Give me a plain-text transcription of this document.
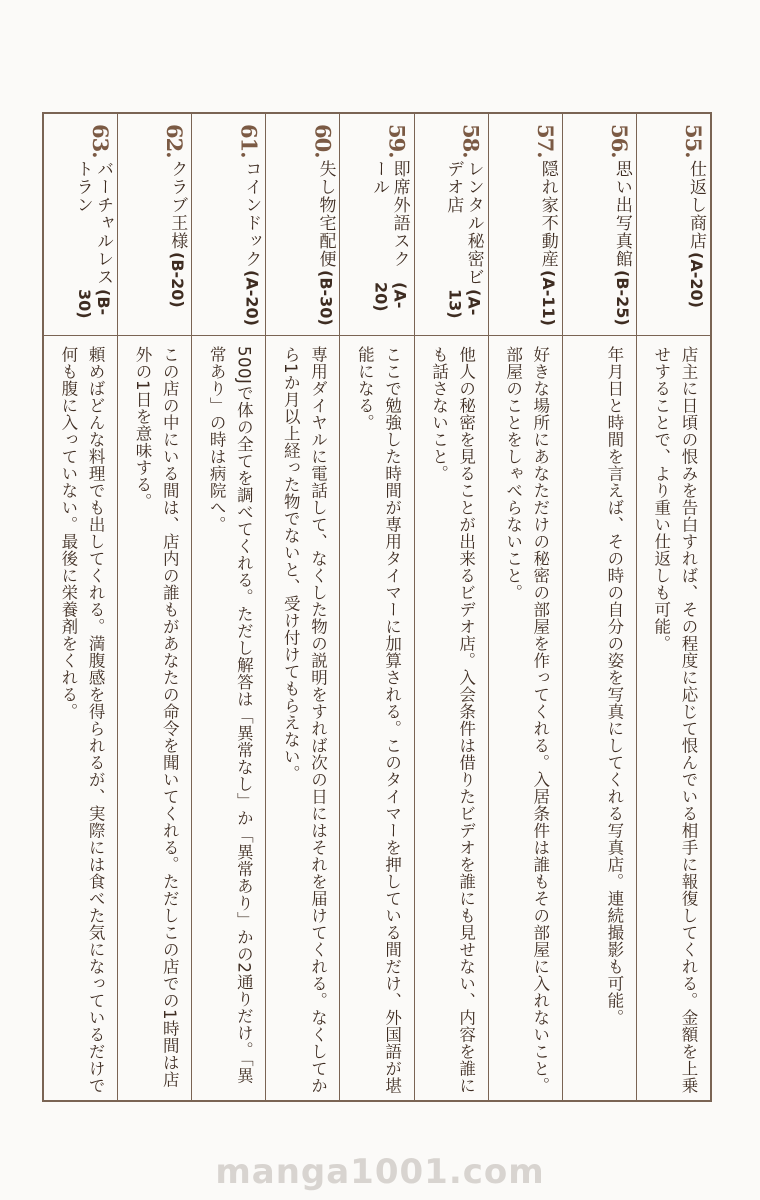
55.
仕返し商店
(A-20)
店主に日頃の恨みを告白すれば、その程度に応じて恨んでいる相手に報復してくれる。金額を上乗せすることで、より重い仕返しも可能。
56.
思い出写真館
(B-25)
年月日と時間を言えば、その時の自分の姿を写真にしてくれる写真店。連続撮影も可能。
57.
隠れ家不動産
(A-11)
好きな場所にあなただけの秘密の部屋を作ってくれる。入居条件は誰もその部屋に入れないこと。部屋のことをしゃべらないこと。
58.
レンタル秘密ビデオ店
(A-13)
他人の秘密を見ることが出来るビデオ店。入会条件は借りたビデオを誰にも見せない、内容を誰にも話さないこと。
59.
即席外語スクール
(A-20)
ここで勉強した時間が専用タイマーに加算される。このタイマーを押している間だけ、外国語が堪能になる。
60.
失し物宅配便
(B-30)
専用ダイヤルに電話して、なくした物の説明をすれば次の日にはそれを届けてくれる。なくしてから1か月以上経った物でないと、受け付けてもらえない。
61.
コインドック
(A-20)
500Jで体の全てを調べてくれる。ただし解答は「異常なし」か「異常あり」かの2通りだけ。「異常あり」の時は病院へ。
62.
クラブ王様
(B-20)
この店の中にいる間は、店内の誰もがあなたの命令を聞いてくれる。ただしこの店での1時間は店外の1日を意味する。
63.
バーチャルレストラン
(B-30)
頼めばどんな料理でも出してくれる。満腹感を得られるが、実際には食べた気になっているだけで何も腹に入っていない。最後に栄養剤をくれる。
manga1001.com
